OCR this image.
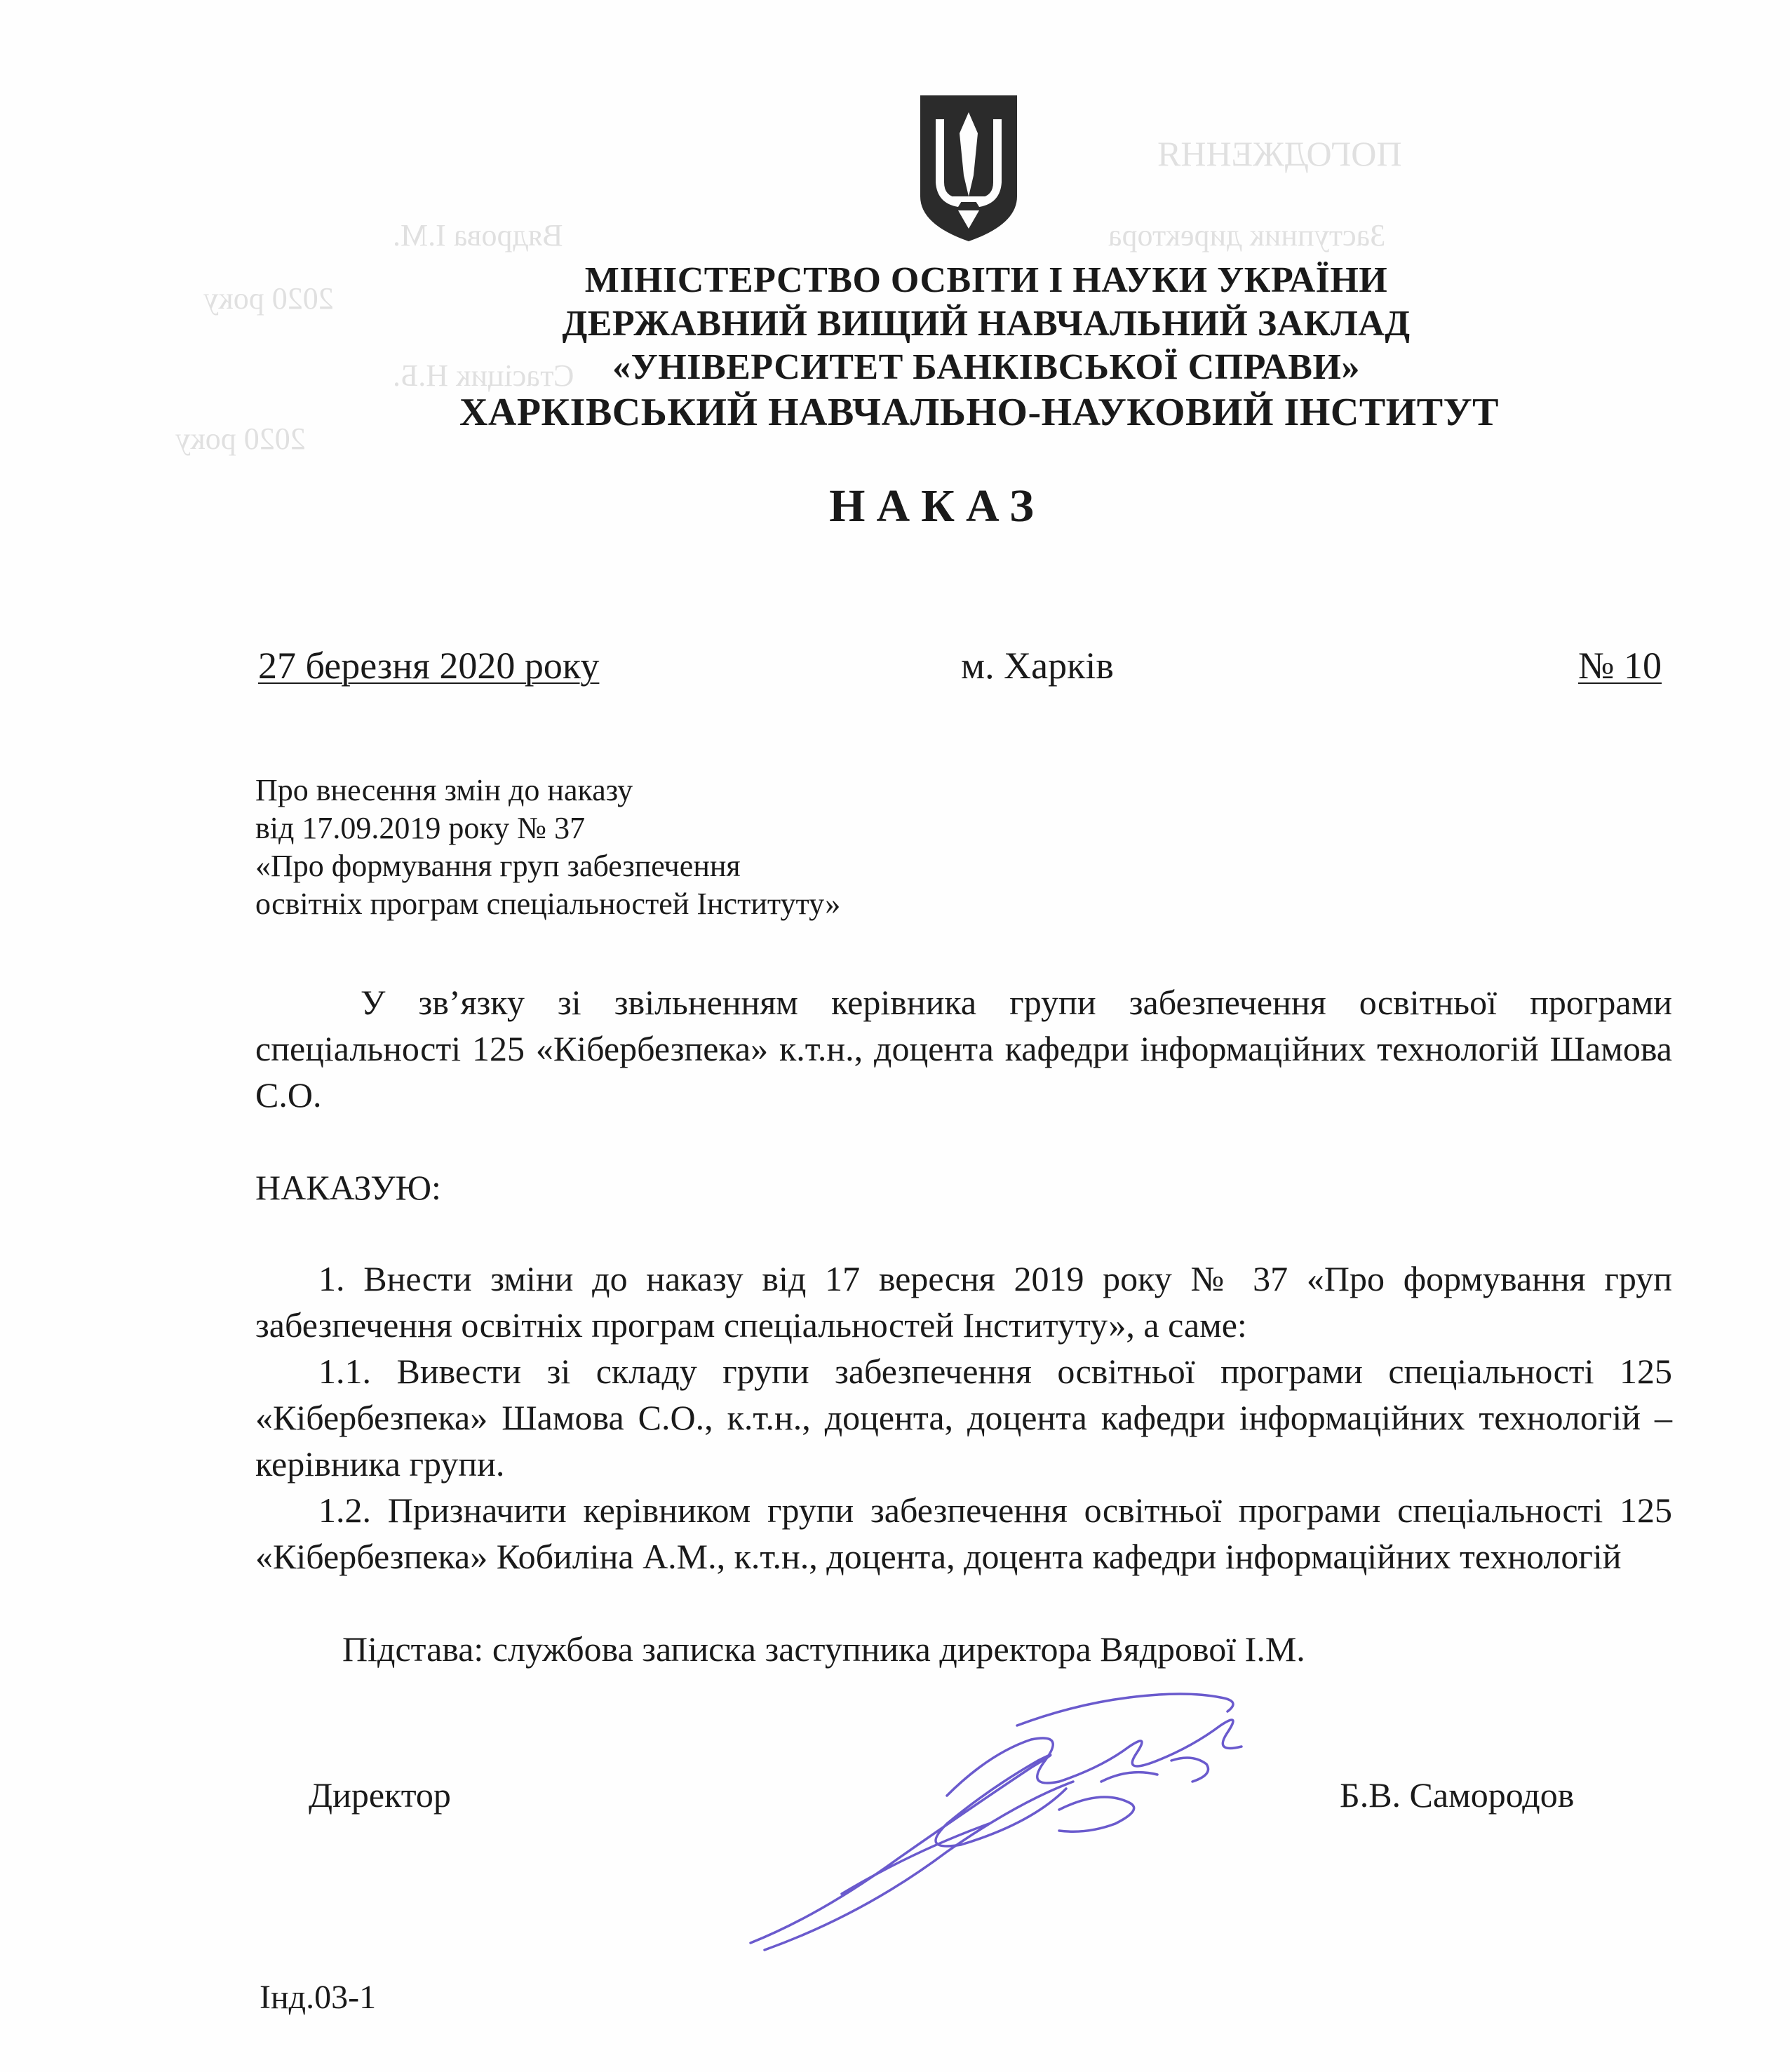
ПОГОДЖЕННЯ
Заступник директора
Вядрова І.М.
2020 року
Стасіцик Н.Б.
2020 року
МІНІСТЕРСТВО ОСВІТИ І НАУКИ УКРАЇНИ
ДЕРЖАВНИЙ ВИЩИЙ НАВЧАЛЬНИЙ ЗАКЛАД
«УНІВЕРСИТЕТ БАНКІВСЬКОЇ СПРАВИ»
ХАРКІВСЬКИЙ НАВЧАЛЬНО-НАУКОВИЙ ІНСТИТУТ
НАКАЗ
27 березня 2020 року	м. Харків	№ 10
Про внесення змін до наказу
від 17.09.2019 року № 37
«Про формування груп забезпечення
освітніх програм спеціальностей Інституту»
У зв’язку зі звільненням керівника групи забезпечення освітньої програми спеціальності 125 «Кібербезпека» к.т.н., доцента кафедри інформаційних технологій Шамова С.О.
НАКАЗУЮ:
1. Внести зміни до наказу від 17 вересня 2019 року № 37 «Про формування груп забезпечення освітніх програм спеціальностей Інституту», а саме:
1.1. Вивести зі складу групи забезпечення освітньої програми спеціальності 125 «Кібербезпека» Шамова С.О., к.т.н., доцента, доцента кафедри інформаційних технологій – керівника групи.
1.2. Призначити керівником групи забезпечення освітньої програми спеціальності 125 «Кібербезпека» Кобиліна А.М., к.т.н., доцента, доцента кафедри інформаційних технологій
Підстава: службова записка заступника директора Вядрової І.М.
Директор	Б.В. Самородов
Інд.03-1
